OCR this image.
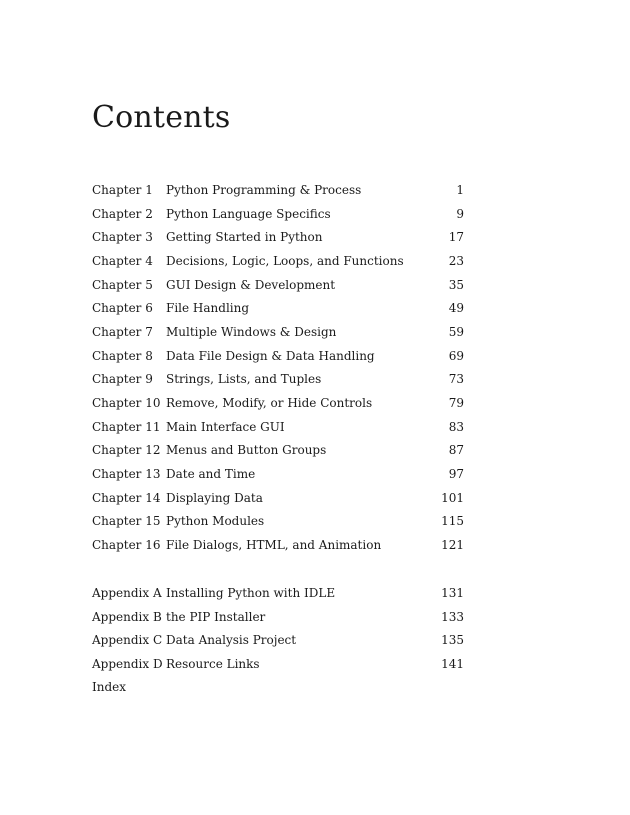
Contents
Chapter 1	Python Programming & Process	1
Chapter 2	Python Language Specifics	9
Chapter 3	Getting Started in Python	17
Chapter 4	Decisions, Logic, Loops, and Functions	23
Chapter 5	GUI Design & Development	35
Chapter 6	File Handling	49
Chapter 7	Multiple Windows & Design	59
Chapter 8	Data File Design & Data Handling	69
Chapter 9	Strings, Lists, and Tuples	73
Chapter 10 Remove, Modify, or Hide Controls	79
Chapter 11 Main Interface GUI	83
Chapter 12 Menus and Button Groups	87
Chapter 13 Date and Time	97
Chapter 14 Displaying Data	101
Chapter 15 Python Modules	115
Chapter 16 File Dialogs, HTML, and Animation	121
Appendix A Installing Python with IDLE	131
Appendix B the PIP Installer	133
Appendix C Data Analysis Project	135
Appendix D Resource Links	141
Index
